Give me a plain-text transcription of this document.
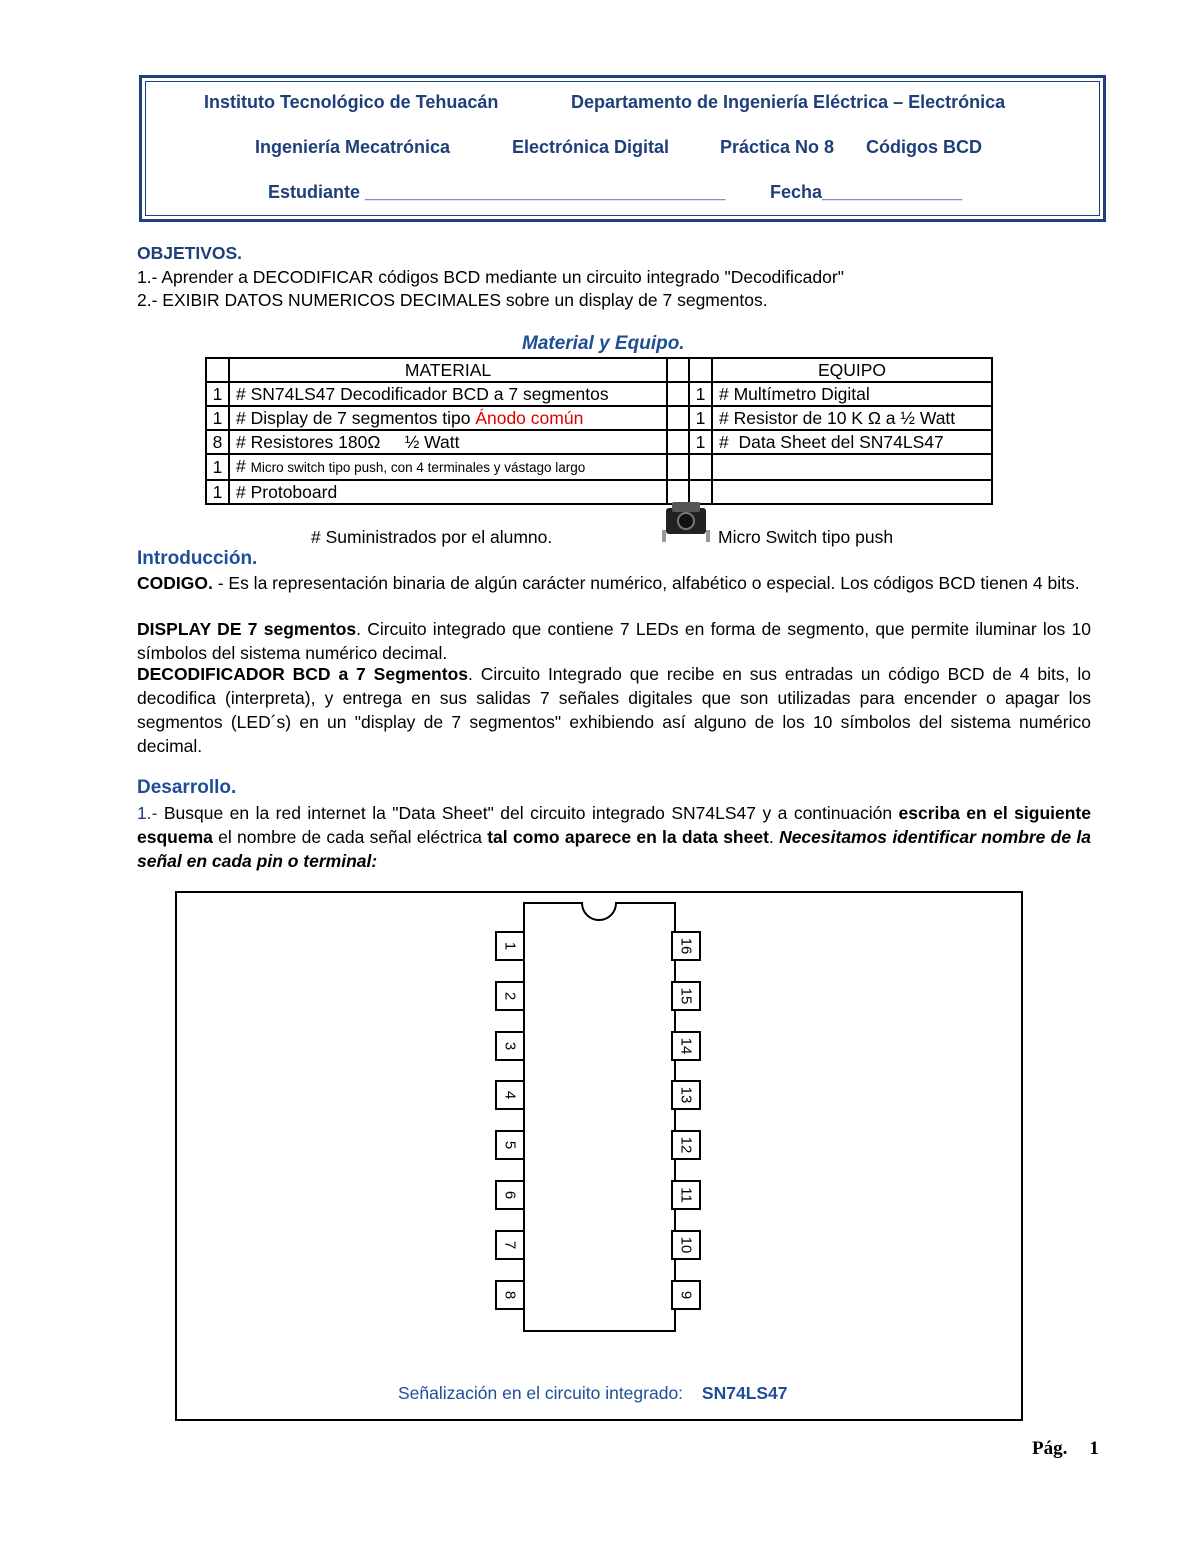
Instituto Tecnológico de Tehuacán	Departamento de Ingeniería Eléctrica – Electrónica
Ingeniería Mecatrónica	Electrónica Digital	Práctica No 8 Códigos BCD
Estudiante ____________________________________ Fecha______________
OBJETIVOS.
1.- Aprender a DECODIFICAR códigos BCD mediante un circuito integrado "Decodificador"
2.- EXIBIR DATOS NUMERICOS DECIMALES sobre un display de 7 segmentos.
Material y Equipo.
	MATERIAL			EQUIPO
1	# SN74LS47 Decodificador BCD a 7 segmentos		1	# Multímetro Digital
1	# Display de 7 segmentos tipo Ánodo común		1	# Resistor de 10 K Ω a ½ Watt
8	# Resistores 180Ω     ½ Watt		1	#  Data Sheet del SN74LS47
1	# Micro switch tipo push, con 4 terminales y vástago largo			
1	# Protoboard			
# Suministrados por el alumno.	Micro Switch tipo push
Introducción.
CODIGO. - Es la representación binaria de algún carácter numérico, alfabético o especial. Los códigos BCD tienen 4 bits.
DISPLAY DE 7 segmentos. Circuito integrado que contiene 7 LEDs en forma de segmento, que permite iluminar los 10 símbolos del sistema numérico decimal.
DECODIFICADOR BCD a 7 Segmentos. Circuito Integrado que recibe en sus entradas un código BCD de 4 bits, lo decodifica (interpreta), y entrega en sus salidas 7 señales digitales que son utilizadas para encender o apagar los segmentos (LED´s) en un "display de 7 segmentos" exhibiendo así alguno de los 10 símbolos del sistema numérico decimal.
Desarrollo.
1.- Busque en la red internet la "Data Sheet" del circuito integrado SN74LS47 y a continuación escriba en el siguiente esquema el nombre de cada señal eléctrica tal como aparece en la data sheet. Necesitamos identificar nombre de la señal en cada pin o terminal:
1
2
3
4
5
6
7
8
16
15
14
13
12
11
10
9
Señalización en el circuito integrado: SN74LS47
Pág. 1
